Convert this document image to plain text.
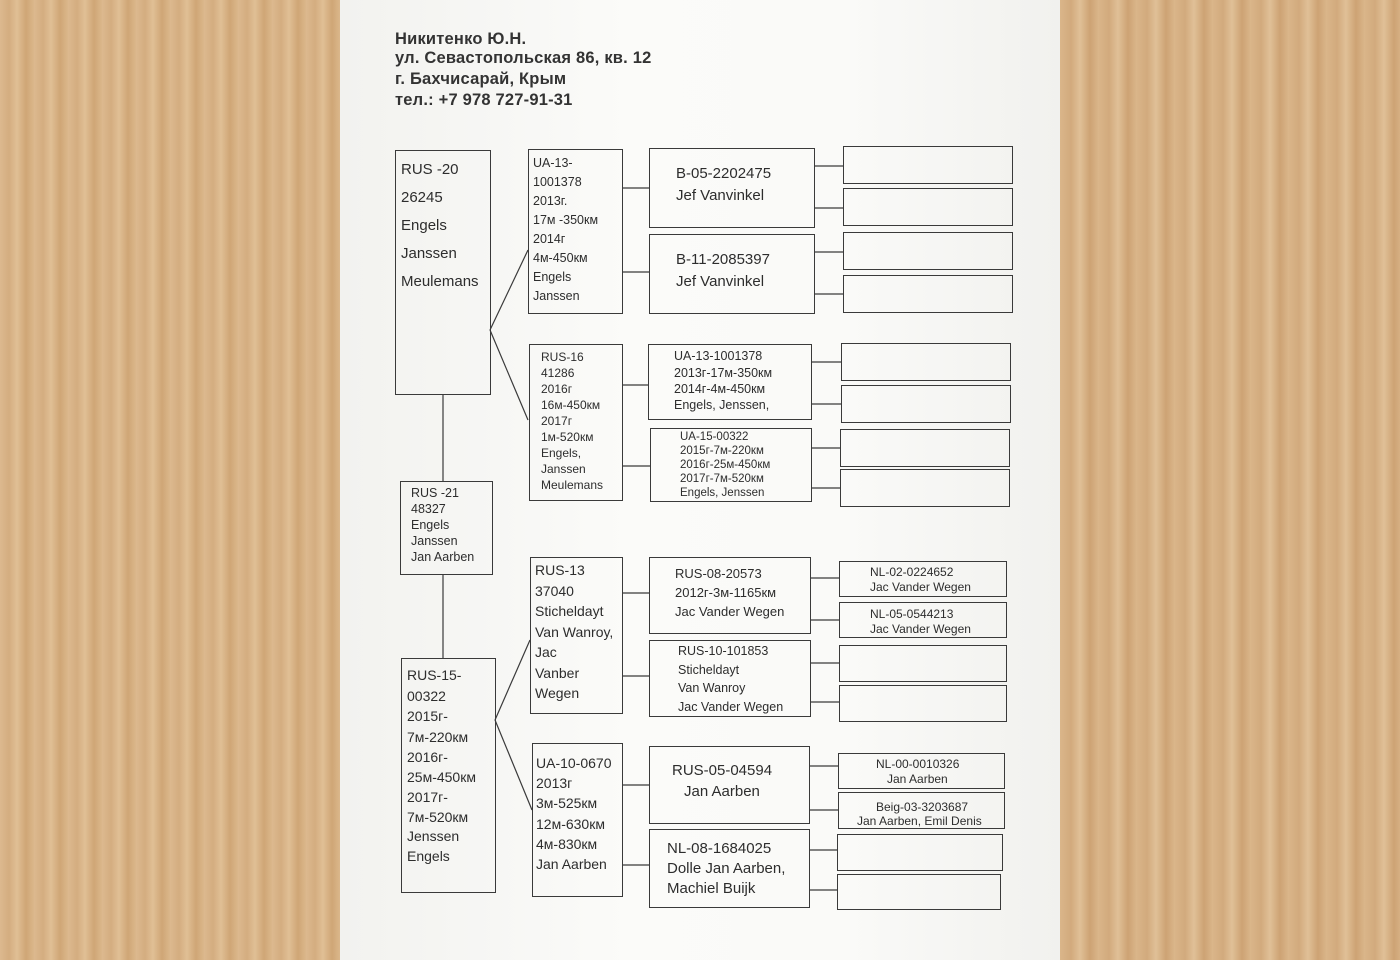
Никитенко Ю.Н.
ул. Севастопольская 86, кв. 12
г. Бахчисарай, Крым
тел.: +7 978 727-91-31
RUS -21
48327
Engels
Janssen
Jan Aarben
RUS -20
26245
Engels
Janssen
Meulemans
RUS-15-
00322
2015г-
7м-220км
2016г-
25м-450км
2017г-
7м-520км
Jenssen
Engels
UA-13-
1001378
2013г.
17м -350км
2014г
4м-450км
Engels
Janssen
RUS-16
41286
2016г
16м-450км
2017г
1м-520км
Engels,
Janssen
Meulemans
RUS-13
37040
Sticheldayt
Van Wanroy,
Jac
Vanber
Wegen
UA-10-0670
2013г
3м-525км
12м-630км
4м-830км
Jan Aarben
B-05-2202475
Jef Vanvinkel
B-11-2085397
Jef Vanvinkel
UA-13-1001378
2013г-17м-350км
2014г-4м-450км
Engels, Jenssen,
UA-15-00322
2015г-7м-220км
2016г-25м-450км
2017г-7м-520км
Engels, Jenssen
RUS-08-20573
2012г-3м-1165км
Jac Vander Wegen
RUS-10-101853
Sticheldayt
Van Wanroy
Jac Vander Wegen
RUS-05-04594
Jan Aarben
NL-08-1684025
Dolle Jan Aarben,
Machiel Buijk
NL-02-0224652
Jac Vander Wegen
NL-05-0544213
Jac Vander Wegen
NL-00-0010326
Jan Aarben
Beig-03-3203687
Jan Aarben, Emil Denis
